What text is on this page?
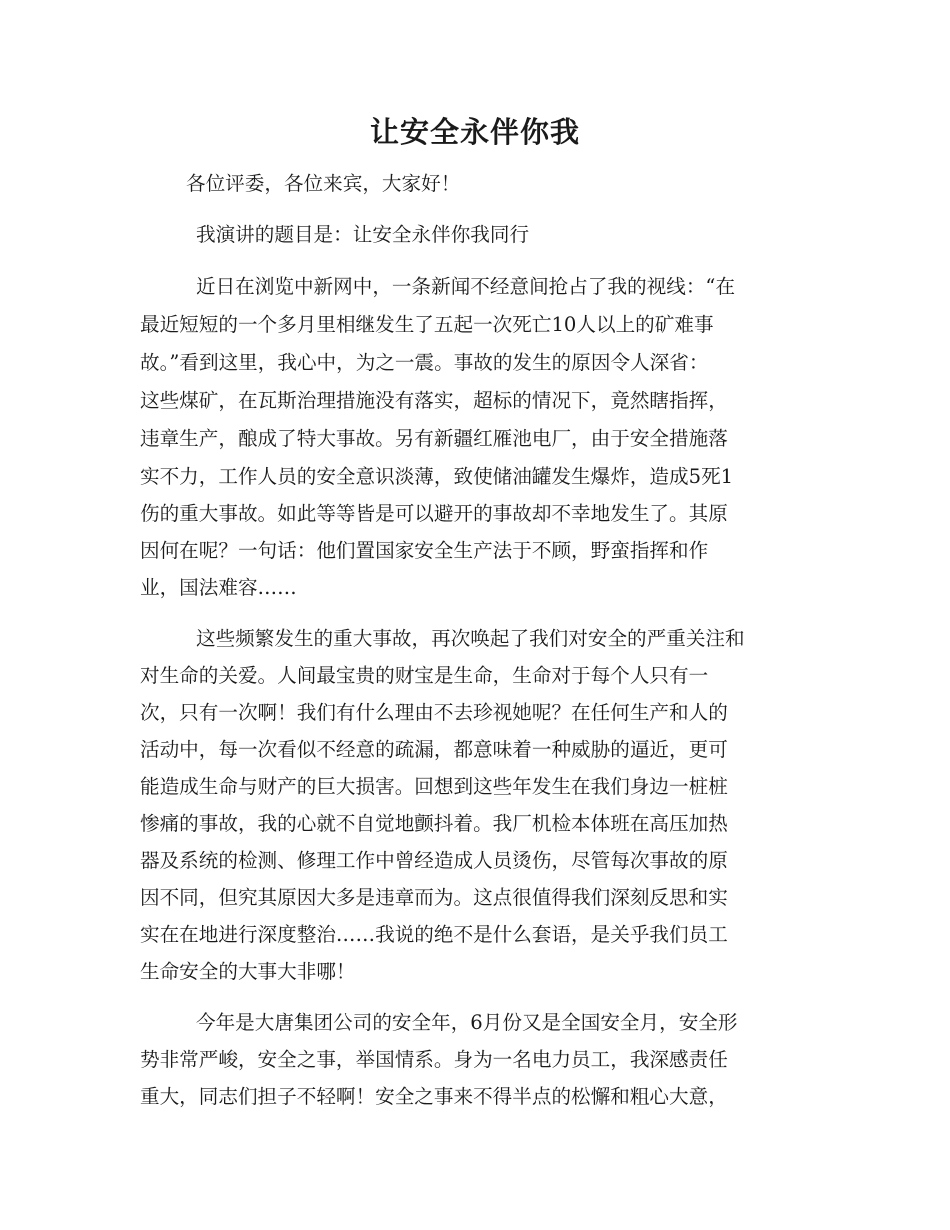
让安全永伴你我

各位评委，各位来宾，大家好！

我演讲的题目是：让安全永伴你我同行

近日在浏览中新网中，一条新闻不经意间抢占了我的视线：“在

最近短短的一个多月里相继发生了五起一次死亡10人以上的矿难事

故。”看到这里，我心中，为之一震。事故的发生的原因令人深省：

这些煤矿，在瓦斯治理措施没有落实，超标的情况下，竟然瞎指挥，

违章生产，酿成了特大事故。另有新疆红雁池电厂，由于安全措施落

实不力，工作人员的安全意识淡薄，致使储油罐发生爆炸，造成5死1

伤的重大事故。如此等等皆是可以避开的事故却不幸地发生了。其原

因何在呢？一句话：他们置国家安全生产法于不顾，野蛮指挥和作

业，国法难容……

这些频繁发生的重大事故，再次唤起了我们对安全的严重关注和

对生命的关爱。人间最宝贵的财宝是生命，生命对于每个人只有一

次，只有一次啊！我们有什么理由不去珍视她呢？在任何生产和人的

活动中，每一次看似不经意的疏漏，都意味着一种威胁的逼近，更可

能造成生命与财产的巨大损害。回想到这些年发生在我们身边一桩桩

惨痛的事故，我的心就不自觉地颤抖着。我厂机检本体班在高压加热

器及系统的检测、修理工作中曾经造成人员烫伤，尽管每次事故的原

因不同，但究其原因大多是违章而为。这点很值得我们深刻反思和实

实在在地进行深度整治……我说的绝不是什么套语，是关乎我们员工

生命安全的大事大非哪！

今年是大唐集团公司的安全年，6月份又是全国安全月，安全形

势非常严峻，安全之事，举国情系。身为一名电力员工，我深感责任

重大，同志们担子不轻啊！安全之事来不得半点的松懈和粗心大意，
